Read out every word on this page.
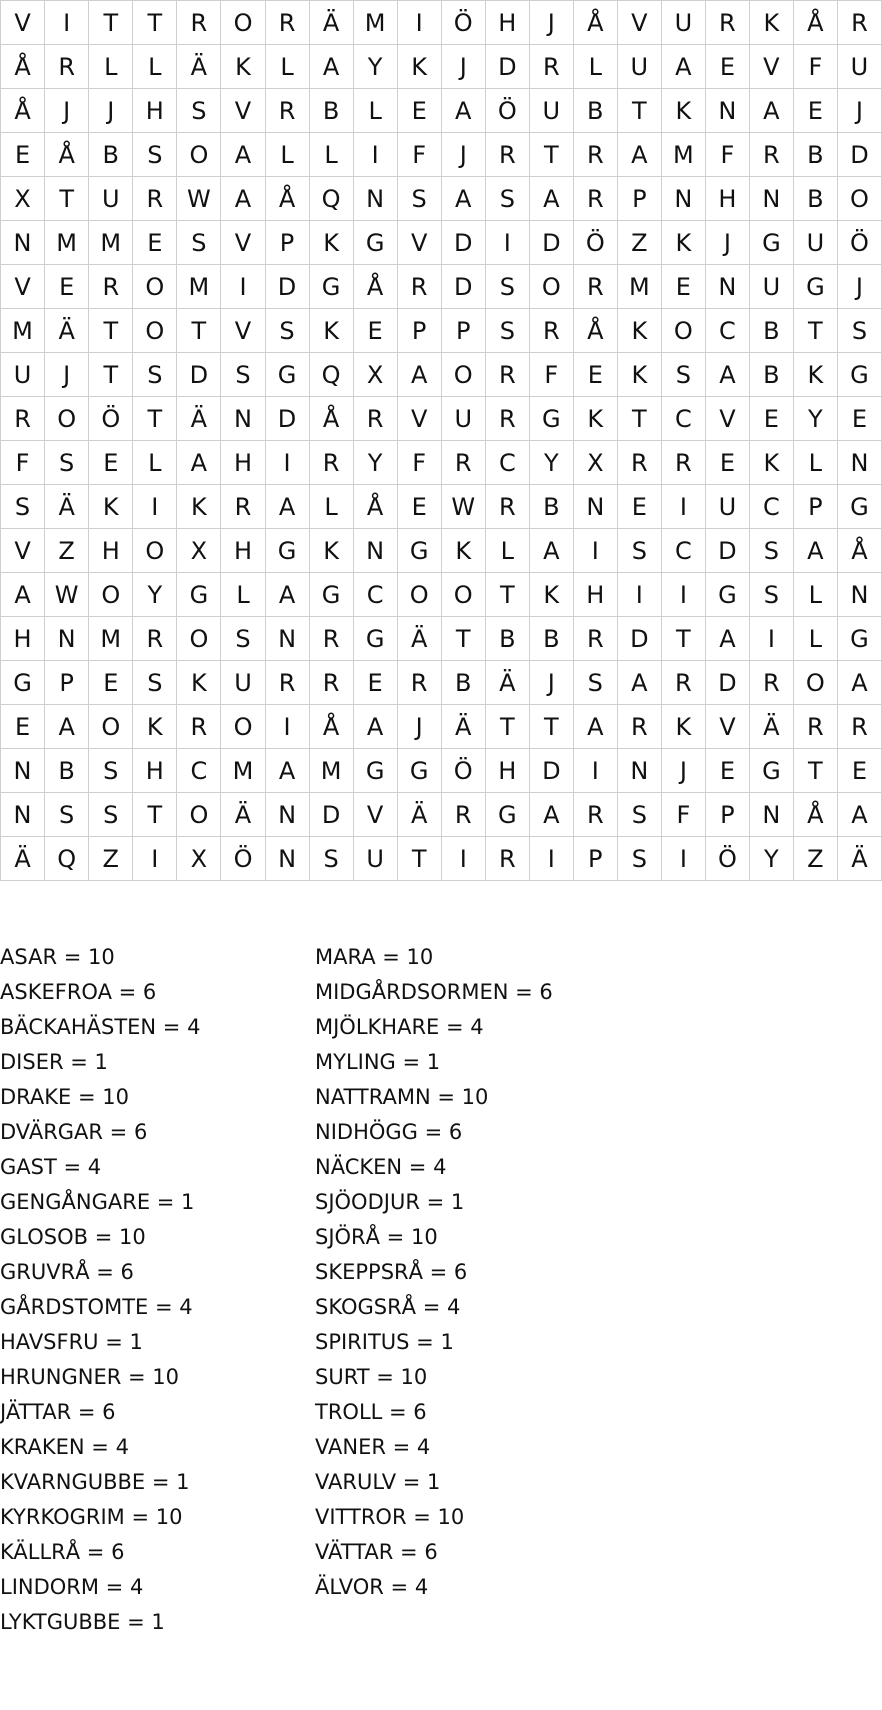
V	I	T	T	R	O	R	Ä	M	I	Ö	H	J	Å	V	U	R	K	Å	R
Å	R	L	L	Ä	K	L	A	Y	K	J	D	R	L	U	A	E	V	F	U
Å	J	J	H	S	V	R	B	L	E	A	Ö	U	B	T	K	N	A	E	J
E	Å	B	S	O	A	L	L	I	F	J	R	T	R	A	M	F	R	B	D
X	T	U	R	W	A	Å	Q	N	S	A	S	A	R	P	N	H	N	B	O
N	M	M	E	S	V	P	K	G	V	D	I	D	Ö	Z	K	J	G	U	Ö
V	E	R	O	M	I	D	G	Å	R	D	S	O	R	M	E	N	U	G	J
M	Ä	T	O	T	V	S	K	E	P	P	S	R	Å	K	O	C	B	T	S
U	J	T	S	D	S	G	Q	X	A	O	R	F	E	K	S	A	B	K	G
R	O	Ö	T	Ä	N	D	Å	R	V	U	R	G	K	T	C	V	E	Y	E
F	S	E	L	A	H	I	R	Y	F	R	C	Y	X	R	R	E	K	L	N
S	Ä	K	I	K	R	A	L	Å	E	W	R	B	N	E	I	U	C	P	G
V	Z	H	O	X	H	G	K	N	G	K	L	A	I	S	C	D	S	A	Å
A	W	O	Y	G	L	A	G	C	O	O	T	K	H	I	I	G	S	L	N
H	N	M	R	O	S	N	R	G	Ä	T	B	B	R	D	T	A	I	L	G
G	P	E	S	K	U	R	R	E	R	B	Ä	J	S	A	R	D	R	O	A
E	A	O	K	R	O	I	Å	A	J	Ä	T	T	A	R	K	V	Ä	R	R
N	B	S	H	C	M	A	M	G	G	Ö	H	D	I	N	J	E	G	T	E
N	S	S	T	O	Ä	N	D	V	Ä	R	G	A	R	S	F	P	N	Å	A
Ä	Q	Z	I	X	Ö	N	S	U	T	I	R	I	P	S	I	Ö	Y	Z	Ä
ASAR = 10
ASKEFROA = 6
BÄCKAHÄSTEN = 4
DISER = 1
DRAKE = 10
DVÄRGAR = 6
GAST = 4
GENGÅNGARE = 1
GLOSOB = 10
GRUVRÅ = 6
GÅRDSTOMTE = 4
HAVSFRU = 1
HRUNGNER = 10
JÄTTAR = 6
KRAKEN = 4
KVARNGUBBE = 1
KYRKOGRIM = 10
KÄLLRÅ = 6
LINDORM = 4
LYKTGUBBE = 1
MARA = 10
MIDGÅRDSORMEN = 6
MJÖLKHARE = 4
MYLING = 1
NATTRAMN = 10
NIDHÖGG = 6
NÄCKEN = 4
SJÖODJUR = 1
SJÖRÅ = 10
SKEPPSRÅ = 6
SKOGSRÅ = 4
SPIRITUS = 1
SURT = 10
TROLL = 6
VANER = 4
VARULV = 1
VITTROR = 10
VÄTTAR = 6
ÄLVOR = 4
